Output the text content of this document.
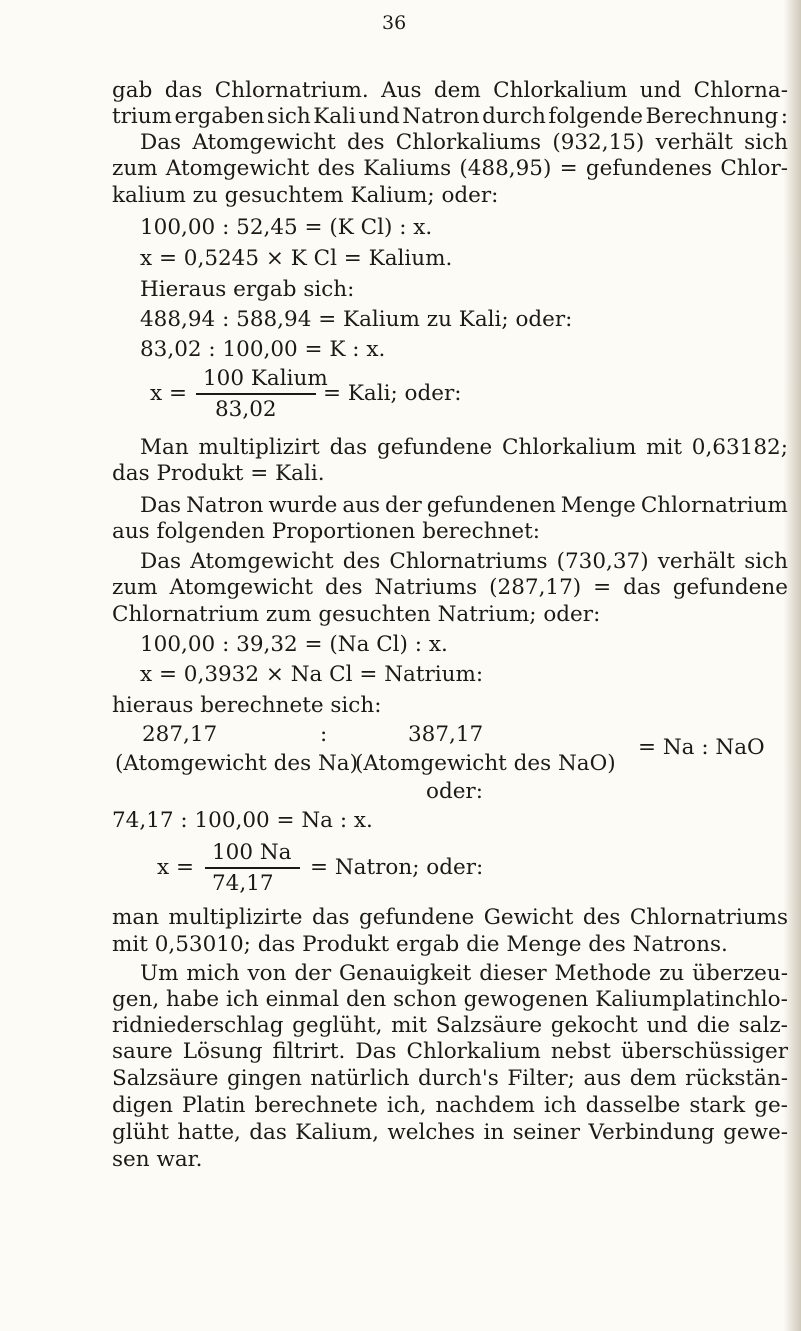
36
gab das Chlornatrium. Aus dem Chlorkalium und Chlorna-
trium ergaben sich Kali und Natron durch folgende Berechnung :
Das Atomgewicht des Chlorkaliums (932,15) verhält sich
zum Atomgewicht des Kaliums (488,95) = gefundenes Chlor-
kalium zu gesuchtem Kalium; oder:
100,00 : 52,45 = (K Cl) : x.
x = 0,5245 × K Cl = Kalium.
Hieraus ergab sich:
488,94 : 588,94 = Kalium zu Kali; oder:
83,02 : 100,00 = K : x.
x =
100 Kalium
83,02
= Kali; oder:
Man multiplizirt das gefundene Chlorkalium mit 0,63182;
das Produkt = Kali.
Das Natron wurde aus der gefundenen Menge Chlornatrium
aus folgenden Proportionen berechnet:
Das Atomgewicht des Chlornatriums (730,37) verhält sich
zum Atomgewicht des Natriums (287,17) = das gefundene
Chlornatrium zum gesuchten Natrium; oder:
100,00 : 39,32 = (Na Cl) : x.
x = 0,3932 × Na Cl = Natrium:
hieraus berechnete sich:
287,17	:	387,17
(Atomgewicht des Na)
(Atomgewicht des NaO)
= Na : NaO
oder:
74,17 : 100,00 = Na : x.
x =
100 Na
74,17
= Natron; oder:
man multiplizirte das gefundene Gewicht des Chlornatriums
mit 0,53010; das Produkt ergab die Menge des Natrons.
Um mich von der Genauigkeit dieser Methode zu überzeu-
gen, habe ich einmal den schon gewogenen Kaliumplatinchlo-
ridniederschlag geglüht, mit Salzsäure gekocht und die salz-
saure Lösung filtrirt. Das Chlorkalium nebst überschüssiger
Salzsäure gingen natürlich durch's Filter; aus dem rückstän-
digen Platin berechnete ich, nachdem ich dasselbe stark ge-
glüht hatte, das Kalium, welches in seiner Verbindung gewe-
sen war.
